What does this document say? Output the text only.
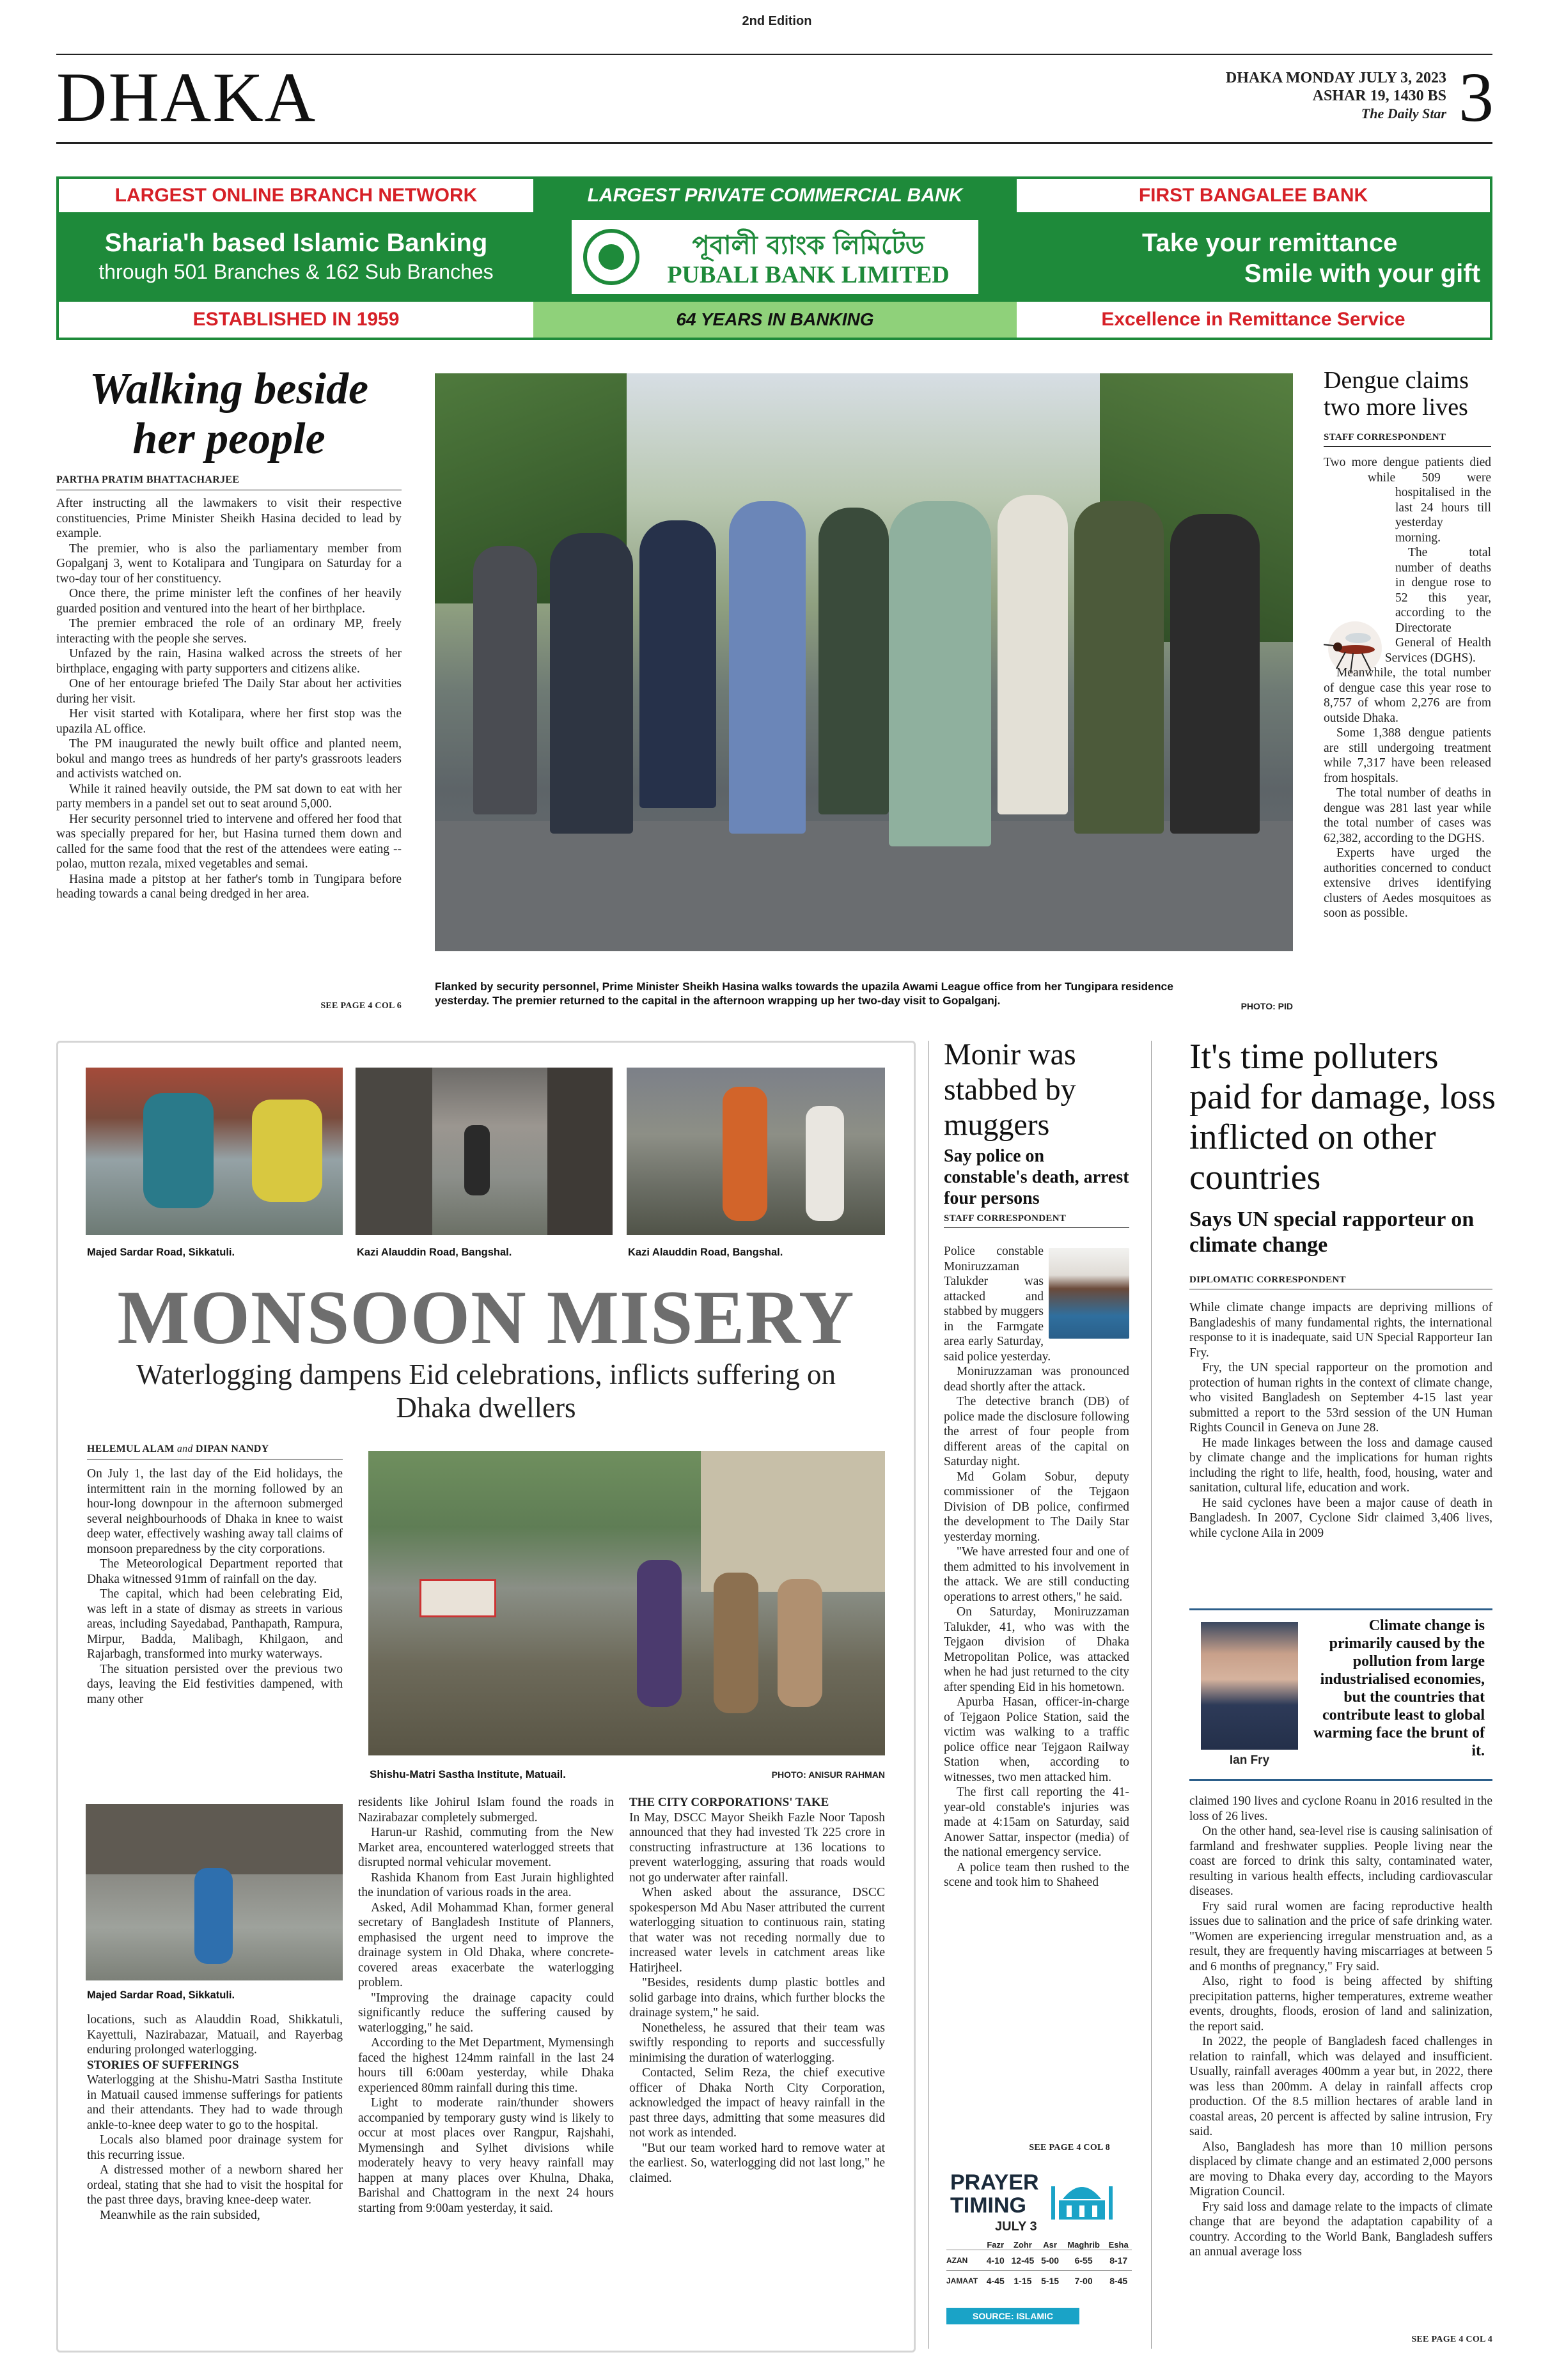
2nd Edition
DHAKA	DHAKA MONDAY JULY 3, 2023
ASHAR 19, 1430 BS
The Daily Star 3
LARGEST ONLINE BRANCH NETWORK	LARGEST PRIVATE COMMERCIAL BANK	FIRST BANGALEE BANK
Sharia'h based Islamic Banking
through 501 Branches & 162 Sub Branches
পূবালী ব্যাংক লিমিটেড
PUBALI BANK LIMITED
Take your remittance
Smile with your gift
ESTABLISHED IN 1959	64 YEARS IN BANKING	Excellence in Remittance Service
Walking beside
her people
PARTHA PRATIM BHATTACHARJEE

After instructing all the lawmakers to visit their respective constituencies, Prime Minister Sheikh Hasina decided to lead by example.

The premier, who is also the parliamentary member from Gopalganj 3, went to Kotalipara and Tungipara on Saturday for a two-day tour of her constituency.

Once there, the prime minister left the confines of her heavily guarded position and ventured into the heart of her birthplace.

The premier embraced the role of an ordinary MP, freely interacting with the people she serves.

Unfazed by the rain, Hasina walked across the streets of her birthplace, engaging with party supporters and citizens alike.

One of her entourage briefed The Daily Star about her activities during her visit.

Her visit started with Kotalipara, where her first stop was the upazila AL office.

The PM inaugurated the newly built office and planted neem, bokul and mango trees as hundreds of her party's grassroots leaders and activists watched on.

While it rained heavily outside, the PM sat down to eat with her party members in a pandel set out to seat around 5,000.

Her security personnel tried to intervene and offered her food that was specially prepared for her, but Hasina turned them down and called for the same food that the rest of the attendees were eating -- polao, mutton rezala, mixed vegetables and semai.

Hasina made a pitstop at her father's tomb in Tungipara before heading towards a canal being dredged in her area.

SEE PAGE 4 COL 6
Flanked by security personnel, Prime Minister Sheikh Hasina walks towards the upazila Awami League office from her Tungipara residence yesterday. The premier returned to the capital in the afternoon wrapping up her two-day visit to Gopalganj.	PHOTO: PID
Dengue claims two more lives
STAFF CORRESPONDENT

Two more dengue patients died while 509 were hospitalised in the last 24 hours till yesterday morning.

The total number of deaths in dengue rose to 52 this year, according to the Directorate General of Health Services (DGHS).

Meanwhile, the total number of dengue case this year rose to 8,757 of whom 2,276 are from outside Dhaka.

Some 1,388 dengue patients are still undergoing treatment while 7,317 have been released from hospitals.

The total number of deaths in dengue was 281 last year while the total number of cases was 62,382, according to the DGHS.

Experts have urged the authorities concerned to conduct extensive drives identifying clusters of Aedes mosquitoes as soon as possible.

Majed Sardar Road, Sikkatuli.	Kazi Alauddin Road, Bangshal.	Kazi Alauddin Road, Bangshal.
MONSOON MISERY
Waterlogging dampens Eid celebrations, inflicts suffering on Dhaka dwellers
HELEMUL ALAM and DIPAN NANDY

On July 1, the last day of the Eid holidays, the intermittent rain in the morning followed by an hour-long downpour in the afternoon submerged several neighbourhoods of Dhaka in knee to waist deep water, effectively washing away tall claims of monsoon preparedness by the city corporations.

The Meteorological Department reported that Dhaka witnessed 91mm of rainfall on the day.

The capital, which had been celebrating Eid, was left in a state of dismay as streets in various areas, including Sayedabad, Panthapath, Rampura, Mirpur, Badda, Malibagh, Khilgaon, and Rajarbagh, transformed into murky waterways.

The situation persisted over the previous two days, leaving the Eid festivities dampened, with many other

Shishu-Matri Sastha Institute, Matuail.	PHOTO: ANISUR RAHMAN
Majed Sardar Road, Sikkatuli.

locations, such as Alauddin Road, Shikkatuli, Kayettuli, Nazirabazar, Matuail, and Rayerbag enduring prolonged waterlogging.

STORIES OF SUFFERINGS

Waterlogging at the Shishu-Matri Sastha Institute in Matuail caused immense sufferings for patients and their attendants. They had to wade through ankle-to-knee deep water to go to the hospital.

Locals also blamed poor drainage system for this recurring issue.

A distressed mother of a newborn shared her ordeal, stating that she had to visit the hospital for the past three days, braving knee-deep water.

Meanwhile as the rain subsided,

residents like Johirul Islam found the roads in Nazirabazar completely submerged.

Harun-ur Rashid, commuting from the New Market area, encountered waterlogged streets that disrupted normal vehicular movement.

Rashida Khanom from East Jurain highlighted the inundation of various roads in the area.

Asked, Adil Mohammad Khan, former general secretary of Bangladesh Institute of Planners, emphasised the urgent need to improve the drainage system in Old Dhaka, where concrete-covered areas exacerbate the waterlogging problem.

"Improving the drainage capacity could significantly reduce the suffering caused by waterlogging," he said.

According to the Met Department, Mymensingh faced the highest 124mm rainfall in the last 24 hours till 6:00am yesterday, while Dhaka experienced 80mm rainfall during this time.

Light to moderate rain/thunder showers accompanied by temporary gusty wind is likely to occur at most places over Rangpur, Rajshahi, Mymensingh and Sylhet divisions while moderately heavy to very heavy rainfall may happen at many places over Khulna, Dhaka, Barishal and Chattogram in the next 24 hours starting from 9:00am yesterday, it said.

THE CITY CORPORATIONS' TAKE

In May, DSCC Mayor Sheikh Fazle Noor Taposh announced that they had invested Tk 225 crore in constructing infrastructure at 136 locations to prevent waterlogging, assuring that roads would not go underwater after rainfall.

When asked about the assurance, DSCC spokesperson Md Abu Naser attributed the current waterlogging situation to continuous rain, stating that water was not receding normally due to increased water levels in catchment areas like Hatirjheel.

"Besides, residents dump plastic bottles and solid garbage into drains, which further blocks the drainage system," he said.

Nonetheless, he assured that their team was swiftly responding to reports and successfully minimising the duration of waterlogging.

Contacted, Selim Reza, the chief executive officer of Dhaka North City Corporation, acknowledged the impact of heavy rainfall in the past three days, admitting that some measures did not work as intended.

"But our team worked hard to remove water at the earliest. So, waterlogging did not last long," he claimed.

Monir was stabbed by muggers
Say police on constable's death, arrest four persons
STAFF CORRESPONDENT

Police constable Moniruzzaman Talukder was attacked and stabbed by muggers in the Farmgate area early Saturday, said police yesterday.

Moniruzzaman was pronounced dead shortly after the attack.

The detective branch (DB) of police made the disclosure following the arrest of four people from different areas of the capital on Saturday night.

Md Golam Sobur, deputy commissioner of the Tejgaon Division of DB police, confirmed the development to The Daily Star yesterday morning.

"We have arrested four and one of them admitted to his involvement in the attack. We are still conducting operations to arrest others," he said.

On Saturday, Moniruzzaman Talukder, 41, who was with the Tejgaon division of Dhaka Metropolitan Police, was attacked when he had just returned to the city after spending Eid in his hometown.

Apurba Hasan, officer-in-charge of Tejgaon Police Station, said the victim was walking to a traffic police office near Tejgaon Railway Station when, according to witnesses, two men attacked him.

The first call reporting the 41-year-old constable's injuries was made at 4:15am on Saturday, said Anower Sattar, inspector (media) of the national emergency service.

A police team then rushed to the scene and took him to Shaheed

SEE PAGE 4 COL 8
PRAYER
TIMING
JULY 3
	Fazr	Zohr	Asr	Maghrib	Esha
AZAN	4-10	12-45	5-00	6-55	8-17
JAMAAT	4-45	1-15	5-15	7-00	8-45
SOURCE: ISLAMIC FOUNDATION
It's time polluters paid for damage, loss inflicted on other countries
Says UN special rapporteur on climate change
DIPLOMATIC CORRESPONDENT

While climate change impacts are depriving millions of Bangladeshis of many fundamental rights, the international response to it is inadequate, said UN Special Rapporteur Ian Fry.

Fry, the UN special rapporteur on the promotion and protection of human rights in the context of climate change, who visited Bangladesh on September 4-15 last year submitted a report to the 53rd session of the UN Human Rights Council in Geneva on June 28.

He made linkages between the loss and damage caused by climate change and the implications for human rights including the right to life, health, food, housing, water and sanitation, cultural life, education and work.

He said cyclones have been a major cause of death in Bangladesh. In 2007, Cyclone Sidr claimed 3,406 lives, while cyclone Aila in 2009

Ian Fry
Climate change is primarily caused by the pollution from large industrialised economies, but the countries that contribute least to global warming face the brunt of it.

claimed 190 lives and cyclone Roanu in 2016 resulted in the loss of 26 lives.

On the other hand, sea-level rise is causing salinisation of farmland and freshwater supplies. People living near the coast are forced to drink this salty, contaminated water, resulting in various health effects, including cardiovascular diseases.

Fry said rural women are facing reproductive health issues due to salination and the price of safe drinking water. "Women are experiencing irregular menstruation and, as a result, they are frequently having miscarriages at between 5 and 6 months of pregnancy," Fry said.

Also, right to food is being affected by shifting precipitation patterns, higher temperatures, extreme weather events, droughts, floods, erosion of land and salinization, the report said.

In 2022, the people of Bangladesh faced challenges in relation to rainfall, which was delayed and insufficient. Usually, rainfall averages 400mm a year but, in 2022, there was less than 200mm. A delay in rainfall affects crop production. Of the 8.5 million hectares of arable land in coastal areas, 20 percent is affected by saline intrusion, Fry said.

Also, Bangladesh has more than 10 million persons displaced by climate change and an estimated 2,000 persons are moving to Dhaka every day, according to the Mayors Migration Council.

Fry said loss and damage relate to the impacts of climate change that are beyond the adaptation capability of a country. According to the World Bank, Bangladesh suffers an annual average loss

SEE PAGE 4 COL 4
